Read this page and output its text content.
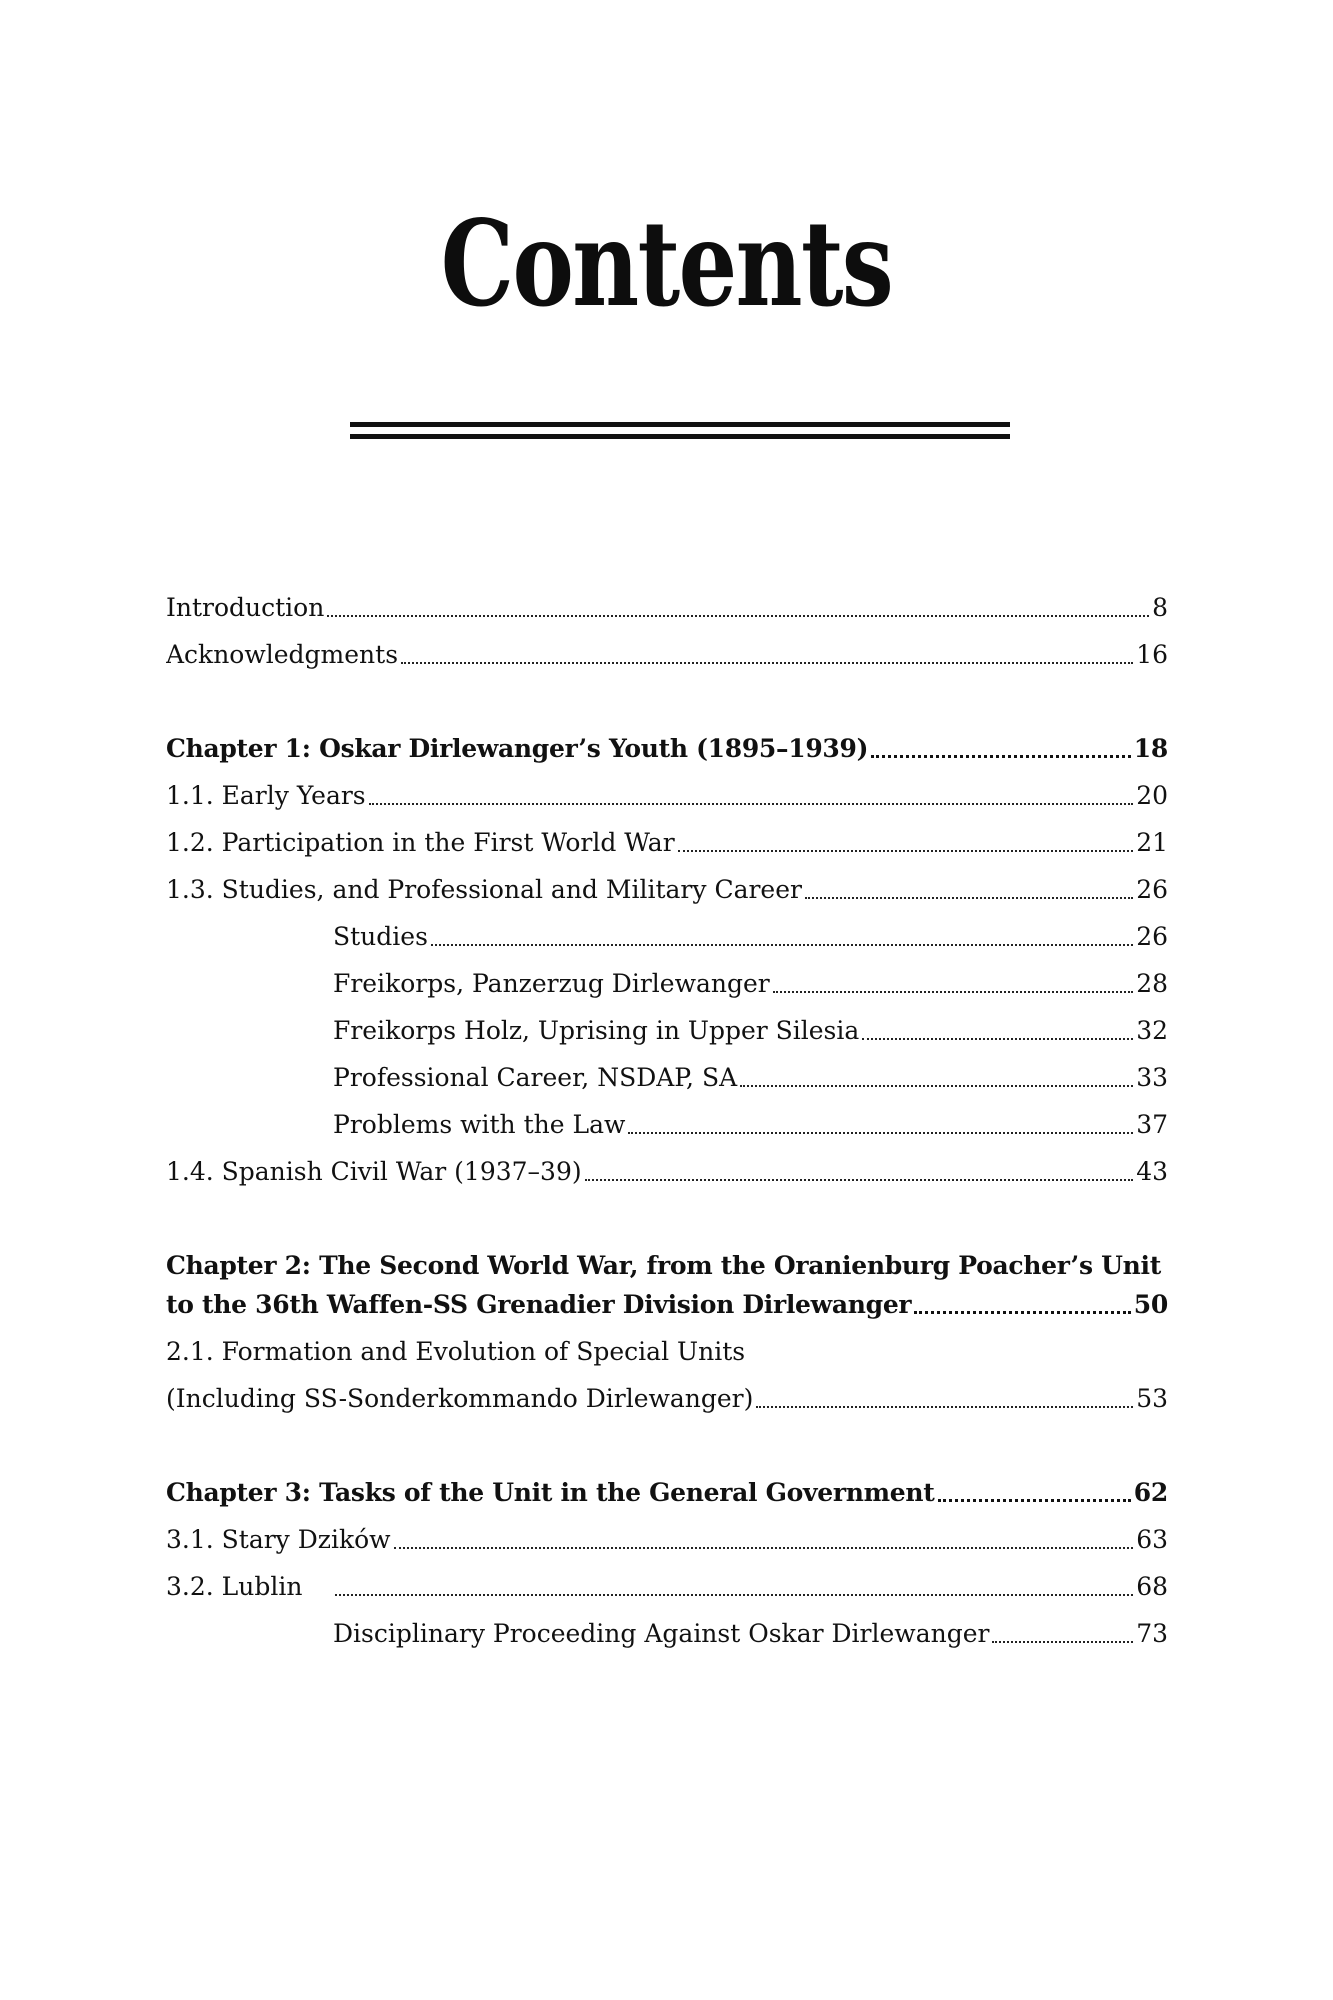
Contents
Introduction	8
Acknowledgments	16
Chapter 1: Oskar Dirlewanger’s Youth (1895–1939)	18
1.1. Early Years	20
1.2. Participation in the First World War	21
1.3. Studies, and Professional and Military Career	26
Studies	26
Freikorps, Panzerzug Dirlewanger	28
Freikorps Holz, Uprising in Upper Silesia	32
Professional Career, NSDAP, SA	33
Problems with the Law	37
1.4. Spanish Civil War (1937–39)	43
Chapter 2: The Second World War, from the Oranienburg Poacher’s Unit
to the 36th Waffen-SS Grenadier Division Dirlewanger	50
2.1. Formation and Evolution of Special Units
(Including SS-Sonderkommando Dirlewanger)	53
Chapter 3: Tasks of the Unit in the General Government	62
3.1. Stary Dzików	63
3.2. Lublin	68
Disciplinary Proceeding Against Oskar Dirlewanger	73
